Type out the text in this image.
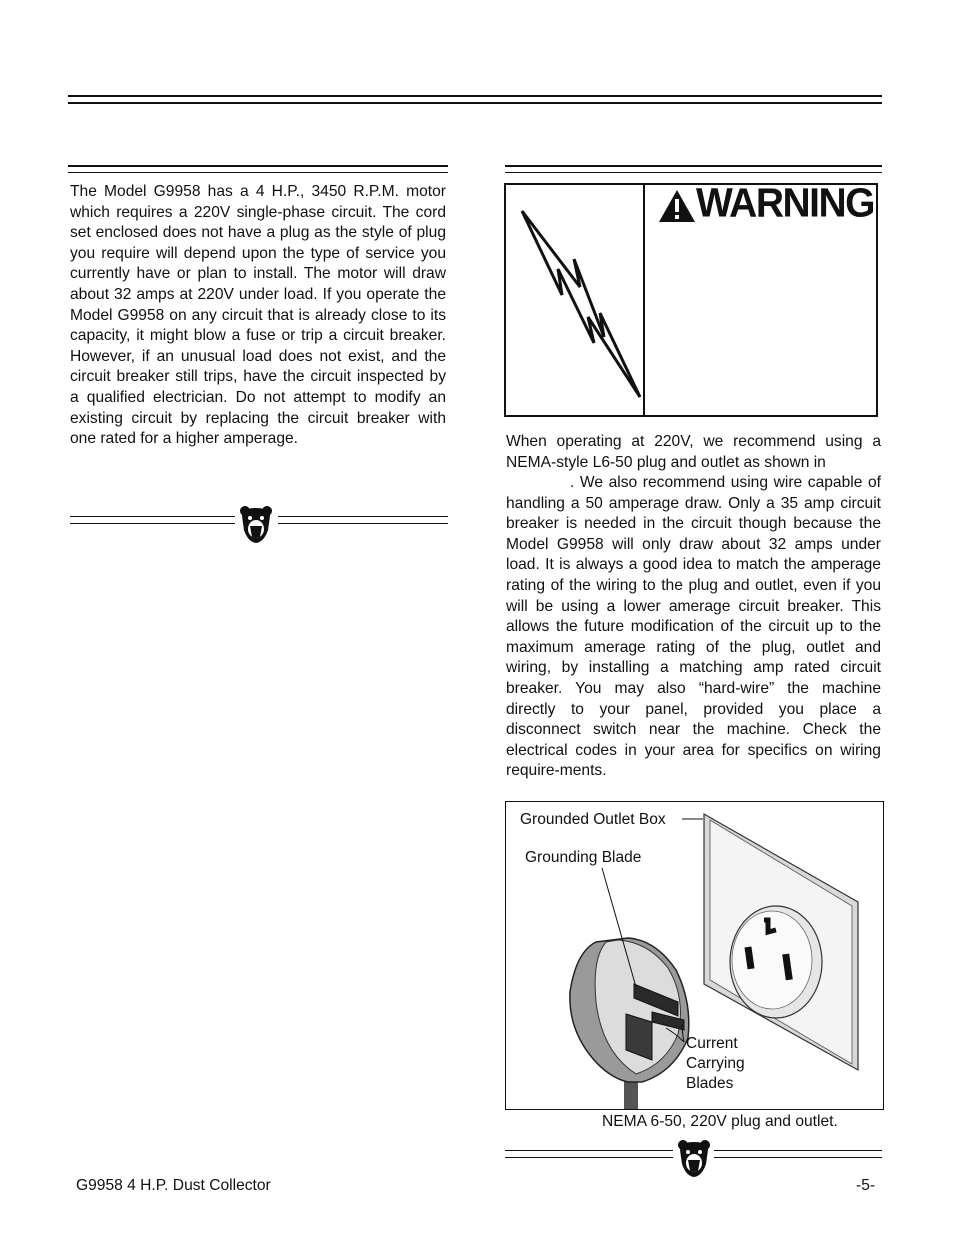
The Model G9958 has a 4 H.P., 3450 R.P.M. motor which requires a 220V single-phase circuit. The cord set enclosed does not have a plug as the style of plug you require will depend upon the type of service you currently have or plan to install. The motor will draw about 32 amps at 220V under load. If you operate the Model G9958 on any circuit that is already close to its capacity, it might blow a fuse or trip a circuit breaker. However, if an unusual load does not exist, and the circuit breaker still trips, have the circuit inspected by a qualified electrician. Do not attempt to modify an existing circuit by replacing the circuit breaker with one rated for a higher amperage.
WARNING
When operating at 220V, we recommend using a NEMA-style L6-50 plug and outlet as shown in
. We also recommend using wire capable of handling a 50 amperage draw. Only a 35 amp circuit breaker is needed in the circuit though because the Model G9958 will only draw about 32 amps under load. It is always a good idea to match the amperage rating of the wiring to the plug and outlet, even if you will be using a lower amerage circuit breaker. This allows the future modification of the circuit up to the maximum amerage rating of the plug, outlet and wiring, by installing a matching amp rated circuit breaker. You may also “hard-wire” the machine directly to your panel, provided you place a disconnect switch near the machine. Check the electrical codes in your area for specifics on wiring require-ments.
Grounded Outlet Box
Grounding Blade
Current
Carrying
Blades
NEMA 6-50, 220V plug and outlet.
G9958 4 H.P. Dust Collector	-5-
